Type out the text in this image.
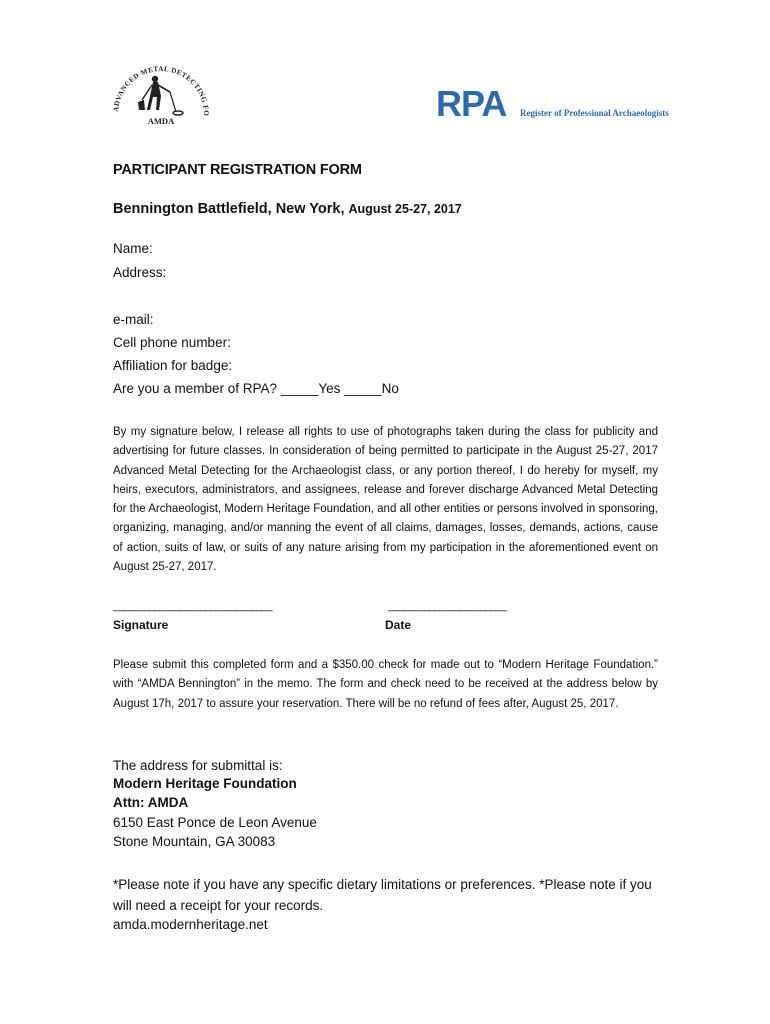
ADVANCED METAL DETECTING FO
AMDA	RPA Register of Professional Archaeologists
PARTICIPANT REGISTRATION FORM
Bennington Battlefield, New York, August 25-27, 2017
Name:
Address:
e-mail:
Cell phone number:
Affiliation for badge:
Are you a member of RPA? _____Yes _____No

By my signature below, I release all rights to use of photographs taken during the class for publicity and advertising for future classes. In consideration of being permitted to participate in the August 25-27, 2017 Advanced Metal Detecting for the Archaeologist class, or any portion thereof, I do hereby for myself, my heirs, executors, administrators, and assignees, release and forever discharge Advanced Metal Detecting for the Archaeologist, Modern Heritage Foundation, and all other entities or persons involved in sponsoring, organizing, managing, and/or manning the event of all claims, damages, losses, demands, actions, cause of action, suits of law, or suits of any nature arising from my participation in the aforementioned event on August 25-27, 2017.

_______________________________	_______________________
Signature	Date

Please submit this completed form and a $350.00 check for made out to “Modern Heritage Foundation.” with “AMDA Bennington” in the memo. The form and check need to be received at the address below by August 17h, 2017 to assure your reservation. There will be no refund of fees after, August 25, 2017.

The address for submittal is:
Modern Heritage Foundation
Attn: AMDA
6150 East Ponce de Leon Avenue
Stone Mountain, GA 30083

*Please note if you have any specific dietary limitations or preferences. *Please note if you will need a receipt for your records.

amda.modernheritage.net
